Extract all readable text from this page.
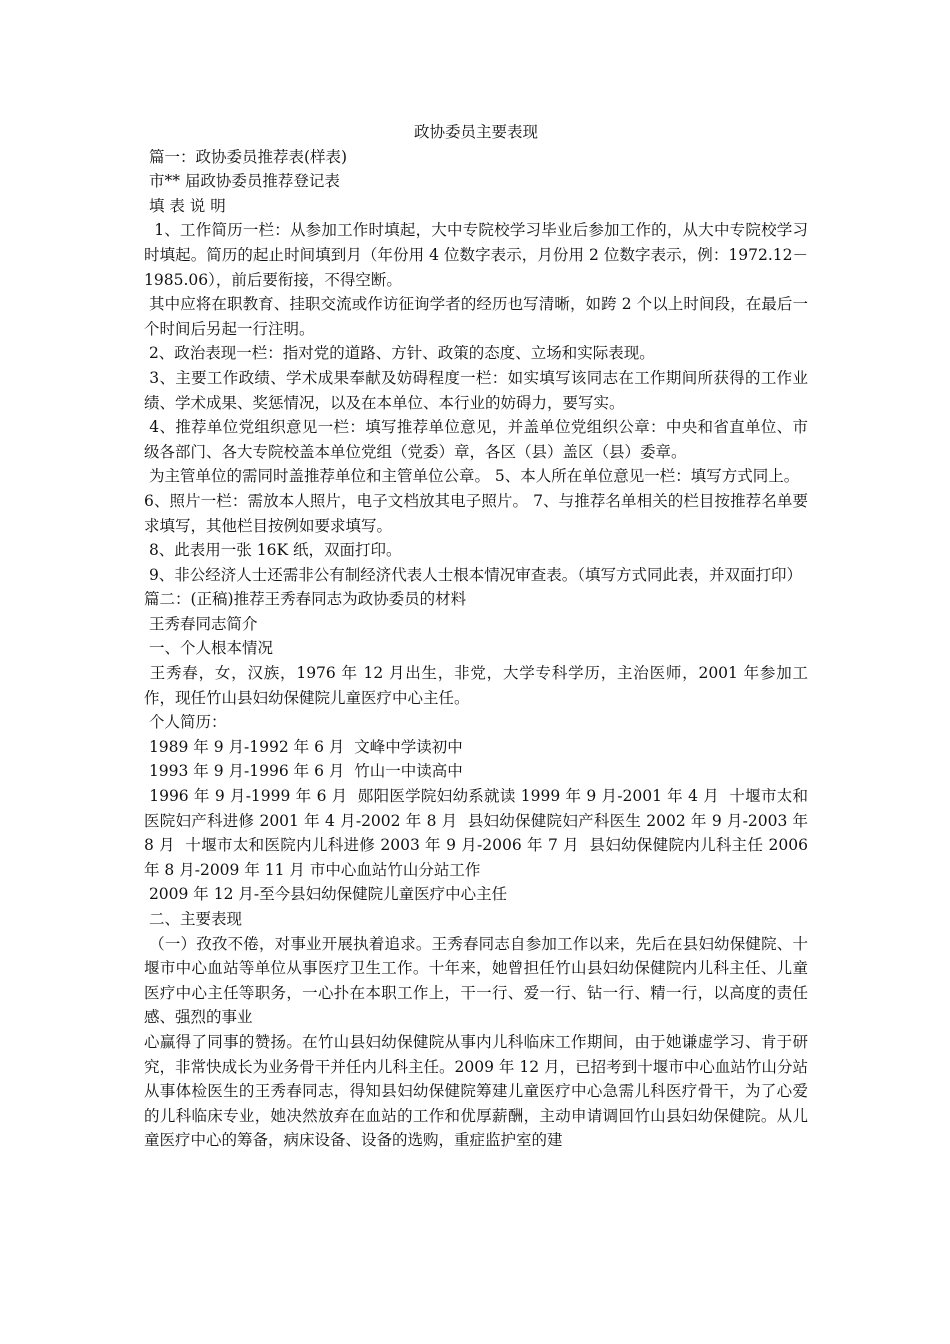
政协委员主要表现

篇一：政协委员推荐表(样表)

市** 届政协委员推荐登记表

填 表 说 明

1、工作简历一栏：从参加工作时填起，大中专院校学习毕业后参加工作的，从大中专院校学习时填起。简历的起止时间填到月（年份用 4 位数字表示，月份用 2 位数字表示，例：1972.12－1985.06），前后要衔接，不得空断。

其中应将在职教育、挂职交流或作访征询学者的经历也写清晰，如跨 2 个以上时间段，在最后一个时间后另起一行注明。

2、政治表现一栏：指对党的道路、方针、政策的态度、立场和实际表现。

3、主要工作政绩、学术成果奉献及妨碍程度一栏：如实填写该同志在工作期间所获得的工作业绩、学术成果、奖惩情况，以及在本单位、本行业的妨碍力，要写实。

4、推荐单位党组织意见一栏：填写推荐单位意见，并盖单位党组织公章：中央和省直单位、市级各部门、各大专院校盖本单位党组（党委）章，各区（县）盖区（县）委章。

为主管单位的需同时盖推荐单位和主管单位公章。 5、本人所在单位意见一栏：填写方式同上。

6、照片一栏：需放本人照片，电子文档放其电子照片。 7、与推荐名单相关的栏目按推荐名单要求填写，其他栏目按例如要求填写。

8、此表用一张 16K 纸，双面打印。

9、非公经济人士还需非公有制经济代表人士根本情况审查表。（填写方式同此表，并双面打印）

篇二：(正稿)推荐王秀春同志为政协委员的材料

王秀春同志简介

一、个人根本情况

王秀春，女，汉族，1976 年 12 月出生，非党，大学专科学历，主治医师，2001 年参加工作，现任竹山县妇幼保健院儿童医疗中心主任。

个人简历：

1989 年 9 月-1992 年 6 月  文峰中学读初中

1993 年 9 月-1996 年 6 月  竹山一中读高中

1996 年 9 月-1999 年 6 月  郧阳医学院妇幼系就读 1999 年 9 月-2001 年 4 月  十堰市太和医院妇产科进修 2001 年 4 月-2002 年 8 月  县妇幼保健院妇产科医生 2002 年 9 月-2003 年 8 月  十堰市太和医院内儿科进修 2003 年 9 月-2006 年 7 月  县妇幼保健院内儿科主任 2006 年 8 月-2009 年 11 月 市中心血站竹山分站工作

2009 年 12 月-至今县妇幼保健院儿童医疗中心主任

二、主要表现

（一）孜孜不倦，对事业开展执着追求。王秀春同志自参加工作以来，先后在县妇幼保健院、十堰市中心血站等单位从事医疗卫生工作。十年来，她曾担任竹山县妇幼保健院内儿科主任、儿童医疗中心主任等职务，一心扑在本职工作上，干一行、爱一行、钻一行、精一行，以高度的责任感、强烈的事业

心赢得了同事的赞扬。在竹山县妇幼保健院从事内儿科临床工作期间，由于她谦虚学习、肯于研究，非常快成长为业务骨干并任内儿科主任。2009 年 12 月，已招考到十堰市中心血站竹山分站从事体检医生的王秀春同志，得知县妇幼保健院筹建儿童医疗中心急需儿科医疗骨干，为了心爱的儿科临床专业，她决然放弃在血站的工作和优厚薪酬，主动申请调回竹山县妇幼保健院。从儿童医疗中心的筹备，病床设备、设备的选购，重症监护室的建
